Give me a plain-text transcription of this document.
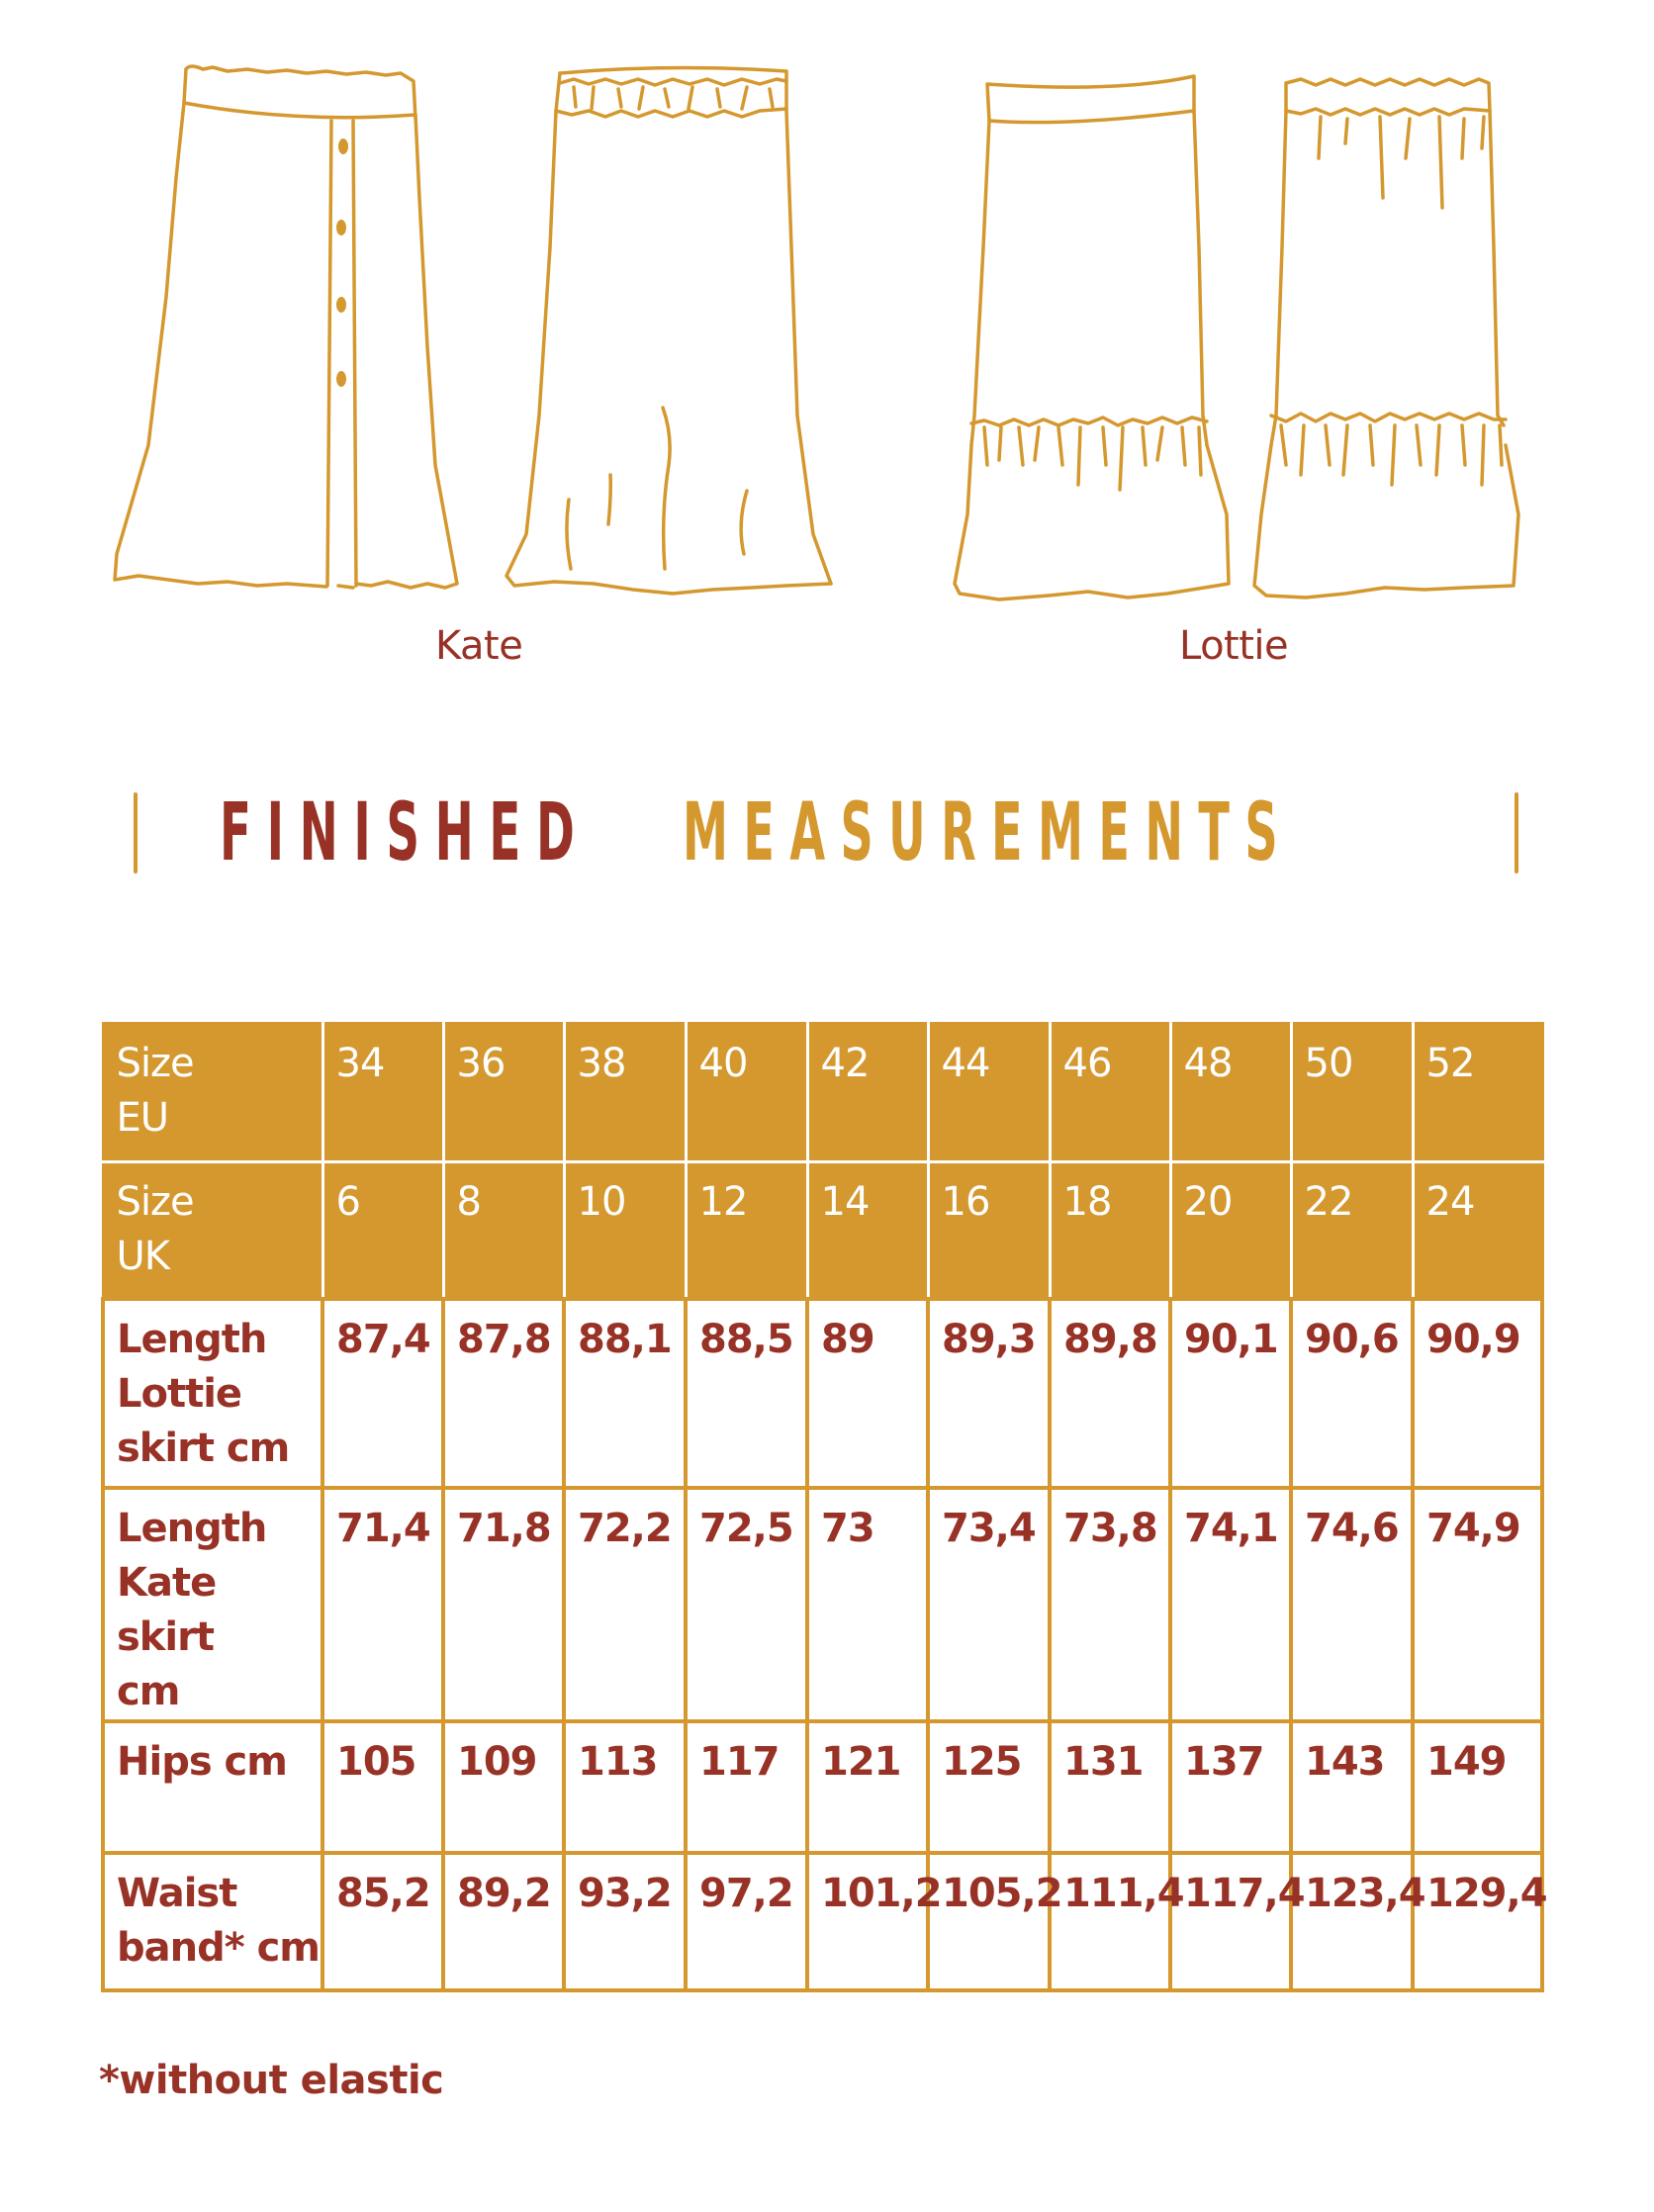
Kate	Lottie
FINISHED MEASUREMENTS
Size
EU	34	36	38	40	42	44	46	48	50	52

Size
UK	6	8	10	12	14	16	18	20	22	24

Length
Lottie
skirt cm	87,4	87,8	88,1	88,5	89	89,3	89,8	90,1	90,6	90,9

Length
Kate skirt
cm	71,4	71,8	72,2	72,5	73	73,4	73,8	74,1	74,6	74,9

Hips cm	105	109	113	117	121	125	131	137	143	149

Waist
band* cm	85,2	89,2	93,2	97,2	101,2	105,2	111,4	117,4	123,4	129,4
*without elastic
